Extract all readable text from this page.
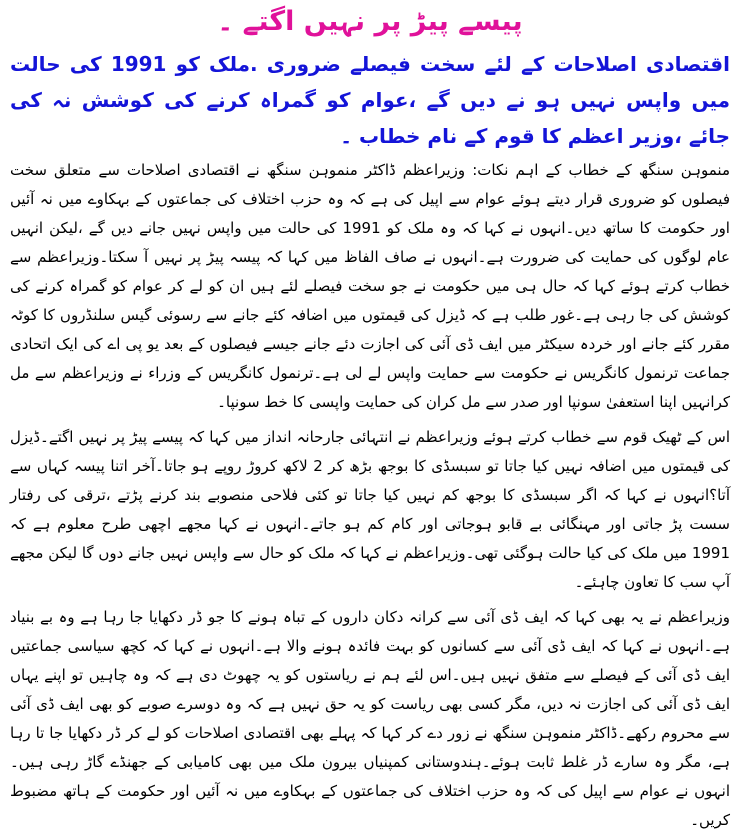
پیسے پیڑ پر نہیں اگتے ۔

اقتصادی اصلاحات کے لئے سخت فیصلے ضروری .ملک کو 1991 کی حالت میں واپس نہیں ہو نے دیں گے ،عوام کو گمراہ کرنے کی کوشش نہ کی جائے ،وزیر اعظم کا قوم کے نام خطاب ۔

منموہن سنگھ کے خطاب کے اہم نکات: وزیراعظم ڈاکٹر منموہن سنگھ نے اقتصادی اصلاحات سے متعلق سخت فیصلوں کو ضروری قرار دیتے ہوئے عوام سے اپیل کی ہے کہ وہ حزب اختلاف کی جماعتوں کے بہکاوے میں نہ آئیں اور حکومت کا ساتھ دیں۔انہوں نے کہا کہ وہ ملک کو 1991 کی حالت میں واپس نہیں جانے دیں گے ،لیکن انہیں عام لوگوں کی حمایت کی ضرورت ہے۔انہوں نے صاف الفاظ میں کہا کہ پیسہ پیڑ پر نہیں آ سکتا۔وزیراعظم سے خطاب کرتے ہوئے کہا کہ حال ہی میں حکومت نے جو سخت فیصلے لئے ہیں ان کو لے کر عوام کو گمراہ کرنے کی کوشش کی جا رہی ہے۔غور طلب ہے کہ ڈیزل کی قیمتوں میں اضافہ کئے جانے سے رسوئی گیس سلنڈروں کا کوٹہ مقرر کئے جانے اور خردہ سیکٹر میں ایف ڈی آئی کی اجازت دئے جانے جیسے فیصلوں کے بعد یو پی اے کی ایک اتحادی جماعت ترنمول کانگریس نے حکومت سے حمایت واپس لے لی ہے۔ترنمول کانگریس کے وزراء نے وزیراعظم سے مل کرانہیں اپنا استعفیٰ سونپا اور صدر سے مل کران کی حمایت واپسی کا خط سونپا۔

اس کے ٹھیک قوم سے خطاب کرتے ہوئے وزیراعظم نے انتہائی جارحانہ انداز میں کہا کہ پیسے پیڑ پر نہیں اگتے۔ڈیزل کی قیمتوں میں اضافہ نہیں کیا جاتا تو سبسڈی کا بوجھ بڑھ کر 2 لاکھ کروڑ روپے ہو جاتا۔آخر اتنا پیسہ کہاں سے آتا؟انہوں نے کہا کہ اگر سبسڈی کا بوجھ کم نہیں کیا جاتا تو کئی فلاحی منصوبے بند کرنے پڑتے ،ترقی کی رفتار سست پڑ جاتی اور مہنگائی بے قابو ہوجاتی اور کام کم ہو جاتے۔انہوں نے کہا مجھے اچھی طرح معلوم ہے کہ 1991 میں ملک کی کیا حالت ہوگئی تھی۔وزیراعظم نے کہا کہ ملک کو حال سے واپس نہیں جانے دوں گا لیکن مجھے آپ سب کا تعاون چاہئے۔

وزیراعظم نے یہ بھی کہا کہ ایف ڈی آئی سے کرانہ دکان داروں کے تباہ ہونے کا جو ڈر دکھایا جا رہا ہے وہ بے بنیاد ہے۔انہوں نے کہا کہ ایف ڈی آئی سے کسانوں کو بہت فائدہ ہونے والا ہے۔انہوں نے کہا کہ کچھ سیاسی جماعتیں ایف ڈی آئی کے فیصلے سے متفق نہیں ہیں۔اس لئے ہم نے ریاستوں کو یہ چھوٹ دی ہے کہ وہ چاہیں تو اپنے یہاں ایف ڈی آئی کی اجازت نہ دیں، مگر کسی بھی ریاست کو یہ حق نہیں ہے کہ وہ دوسرے صوبے کو بھی ایف ڈی آئی سے محروم رکھے۔ڈاکٹر منموہن سنگھ نے زور دے کر کہا کہ پہلے بھی اقتصادی اصلاحات کو لے کر ڈر دکھایا جا تا رہا ہے، مگر وہ سارے ڈر غلط ثابت ہوئے۔ہندوستانی کمپنیاں بیرون ملک میں بھی کامیابی کے جھنڈے گاڑ رہی ہیں۔انہوں نے عوام سے اپیل کی کہ وہ حزب اختلاف کی جماعتوں کے بہکاوے میں نہ آئیں اور حکومت کے ہاتھ مضبوط کریں۔
